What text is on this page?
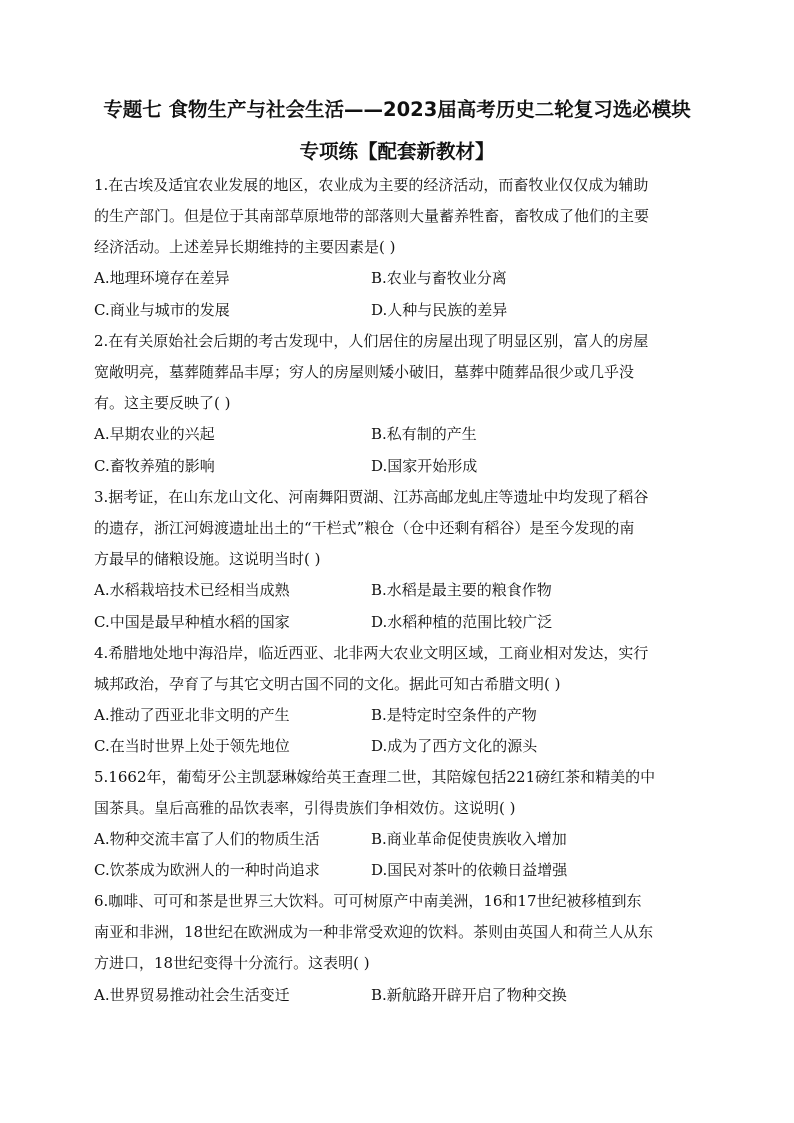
专题七 食物生产与社会生活——2023届高考历史二轮复习选必模块
专项练【配套新教材】
1.在古埃及适宜农业发展的地区，农业成为主要的经济活动，而畜牧业仅仅成为辅助
的生产部门。但是位于其南部草原地带的部落则大量蓄养牲畜，畜牧成了他们的主要
经济活动。上述差异长期维持的主要因素是( )
A.地理环境存在差异	B.农业与畜牧业分离
C.商业与城市的发展	D.人种与民族的差异
2.在有关原始社会后期的考古发现中，人们居住的房屋出现了明显区别，富人的房屋
宽敞明亮，墓葬随葬品丰厚；穷人的房屋则矮小破旧，墓葬中随葬品很少或几乎没
有。这主要反映了( )
A.早期农业的兴起	B.私有制的产生
C.畜牧养殖的影响	D.国家开始形成
3.据考证，在山东龙山文化、河南舞阳贾湖、江苏高邮龙虬庄等遗址中均发现了稻谷
的遗存，浙江河姆渡遗址出土的“干栏式”粮仓（仓中还剩有稻谷）是至今发现的南
方最早的储粮设施。这说明当时( )
A.水稻栽培技术已经相当成熟	B.水稻是最主要的粮食作物
C.中国是最早种植水稻的国家	D.水稻种植的范围比较广泛
4.希腊地处地中海沿岸，临近西亚、北非两大农业文明区域，工商业相对发达，实行
城邦政治，孕育了与其它文明古国不同的文化。据此可知古希腊文明( )
A.推动了西亚北非文明的产生	B.是特定时空条件的产物
C.在当时世界上处于领先地位	D.成为了西方文化的源头
5.1662年，葡萄牙公主凯瑟琳嫁给英王查理二世，其陪嫁包括221磅红茶和精美的中
国茶具。皇后高雅的品饮表率，引得贵族们争相效仿。这说明( )
A.物种交流丰富了人们的物质生活	B.商业革命促使贵族收入增加
C.饮茶成为欧洲人的一种时尚追求	D.国民对茶叶的依赖日益增强
6.咖啡、可可和茶是世界三大饮料。可可树原产中南美洲，16和17世纪被移植到东
南亚和非洲，18世纪在欧洲成为一种非常受欢迎的饮料。茶则由英国人和荷兰人从东
方进口，18世纪变得十分流行。这表明( )
A.世界贸易推动社会生活变迁	B.新航路开辟开启了物种交换
